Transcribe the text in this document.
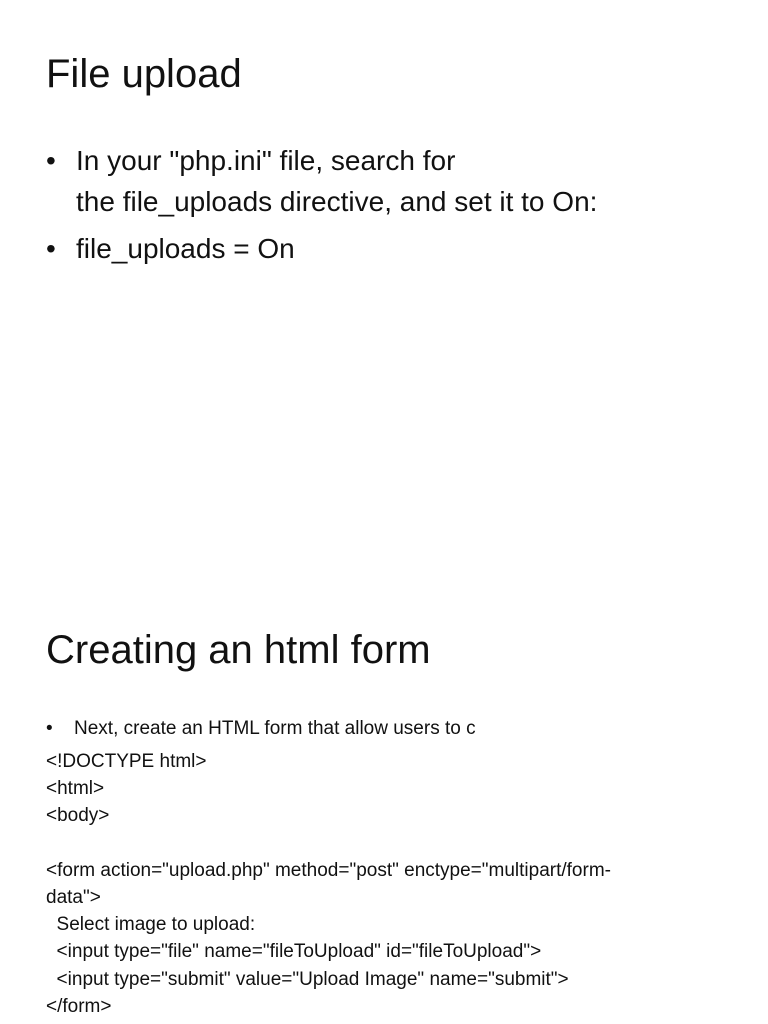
File upload
• In your "php.ini" file, search for
the file_uploads directive, and set it to On:
• file_uploads = On
Creating an html form
• Next, create an HTML form that allow users to c
<!DOCTYPE html>
<html>
<body>
<form action="upload.php" method="post" enctype="multipart/form-
data">
Select image to upload:
<input type="file" name="fileToUpload" id="fileToUpload">
<input type="submit" value="Upload Image" name="submit">
</form>
